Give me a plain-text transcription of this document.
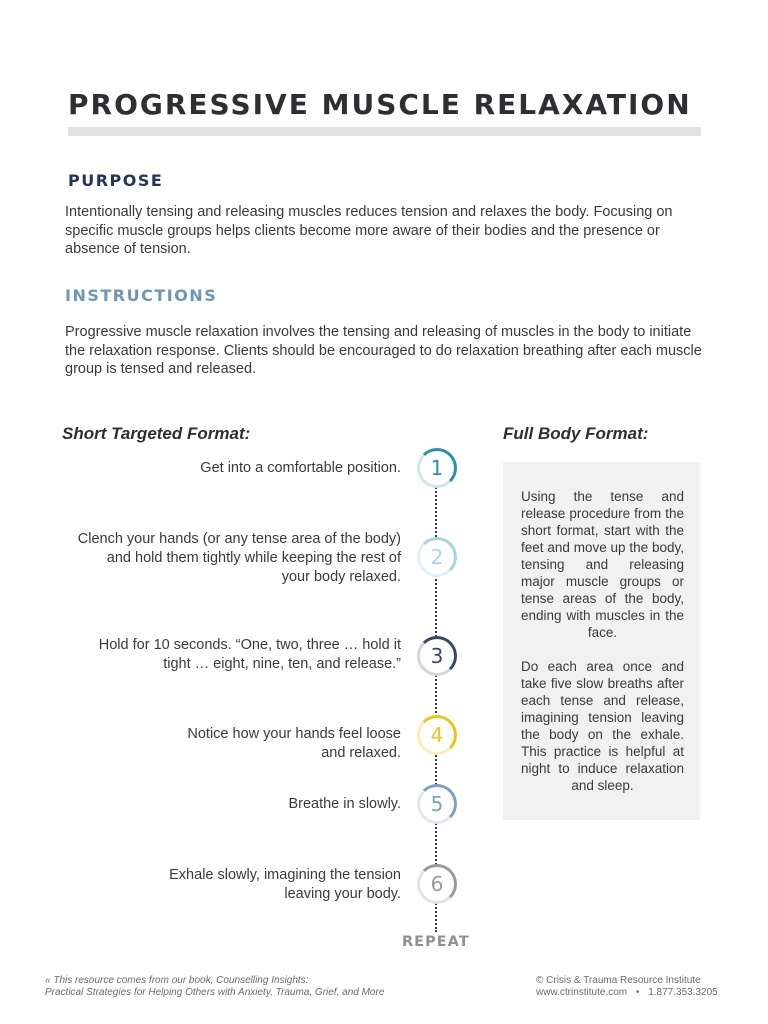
PROGRESSIVE MUSCLE RELAXATION
PURPOSE
Intentionally tensing and releasing muscles reduces tension and relaxes the body. Focusing on specific muscle groups helps clients become more aware of their bodies and the presence or absence of tension.
INSTRUCTIONS
Progressive muscle relaxation involves the tensing and releasing of muscles in the body to initiate the relaxation response. Clients should be encouraged to do relaxation breathing after each muscle group is tensed and released.
Short Targeted Format:	Full Body Format:
Get into a comfortable position.	1
Clench your hands (or any tense area of the body)
and hold them tightly while keeping the rest of
your body relaxed.
2
Hold for 10 seconds. “One, two, three … hold it
tight … eight, nine, ten, and release.”	3
Notice how your hands feel loose
and relaxed.
4
Breathe in slowly.	5
Exhale slowly, imagining the tension
leaving your body.	6
REPEAT

Using the tense and release procedure from the short format, start with the feet and move up the body, tensing and releasing major muscle groups or tense areas of the body, ending with muscles in the face.

Do each area once and take five slow breaths after each tense and release, imagining tension leaving the body on the exhale. This practice is helpful at night to induce relaxation and sleep.

« This resource comes from our book, Counselling Insights:
Practical Strategies for Helping Others with Anxiety, Trauma, Grief, and More
© Crisis & Trauma Resource Institute
www.ctrinstitute.com • 1.877.353.3205
